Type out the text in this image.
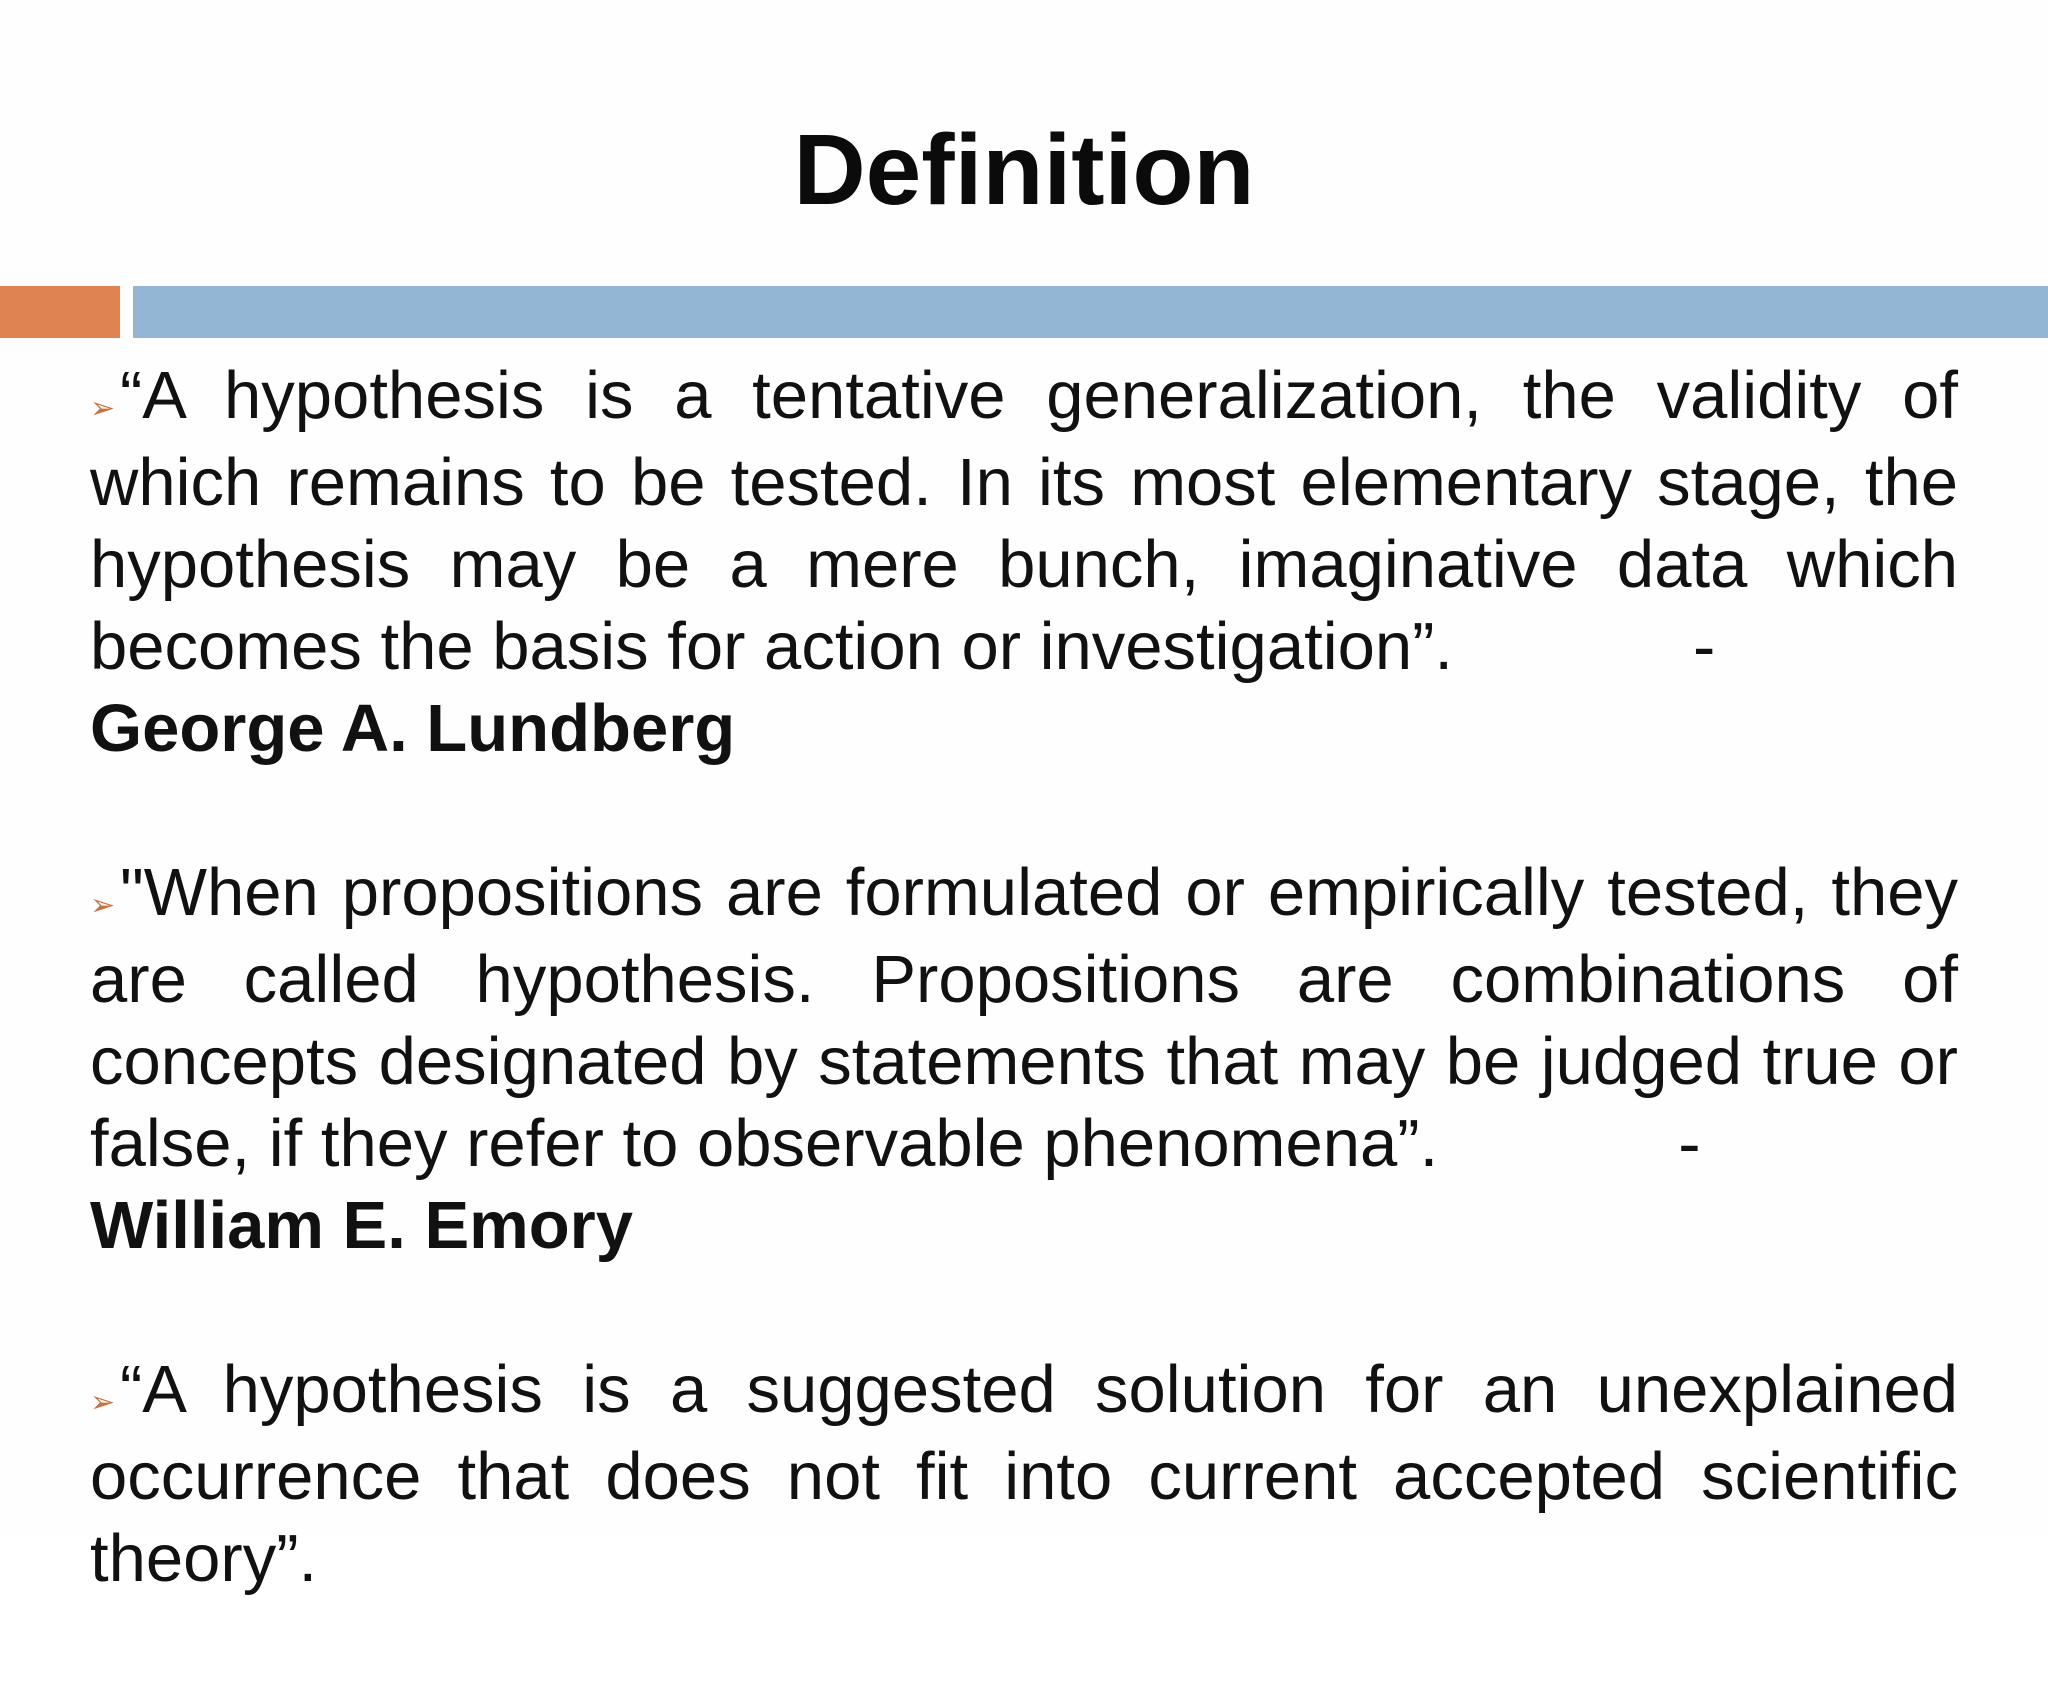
Definition

➢“A hypothesis is a tentative generalization, the validity of which remains to be tested. In its most elementary stage, the hypothesis may be a mere bunch, imaginative data which becomes the basis for action or investigation”.	-
George A. Lundberg

➢"When propositions are formulated or empirically tested, they are called hypothesis. Propositions are combinations of concepts designated by statements that may be judged true or false, if they refer to observable phenomena”.	-
William E. Emory

➢“A hypothesis is a suggested solution for an unexplained occurrence that does not fit into current accepted scientific theory”.
